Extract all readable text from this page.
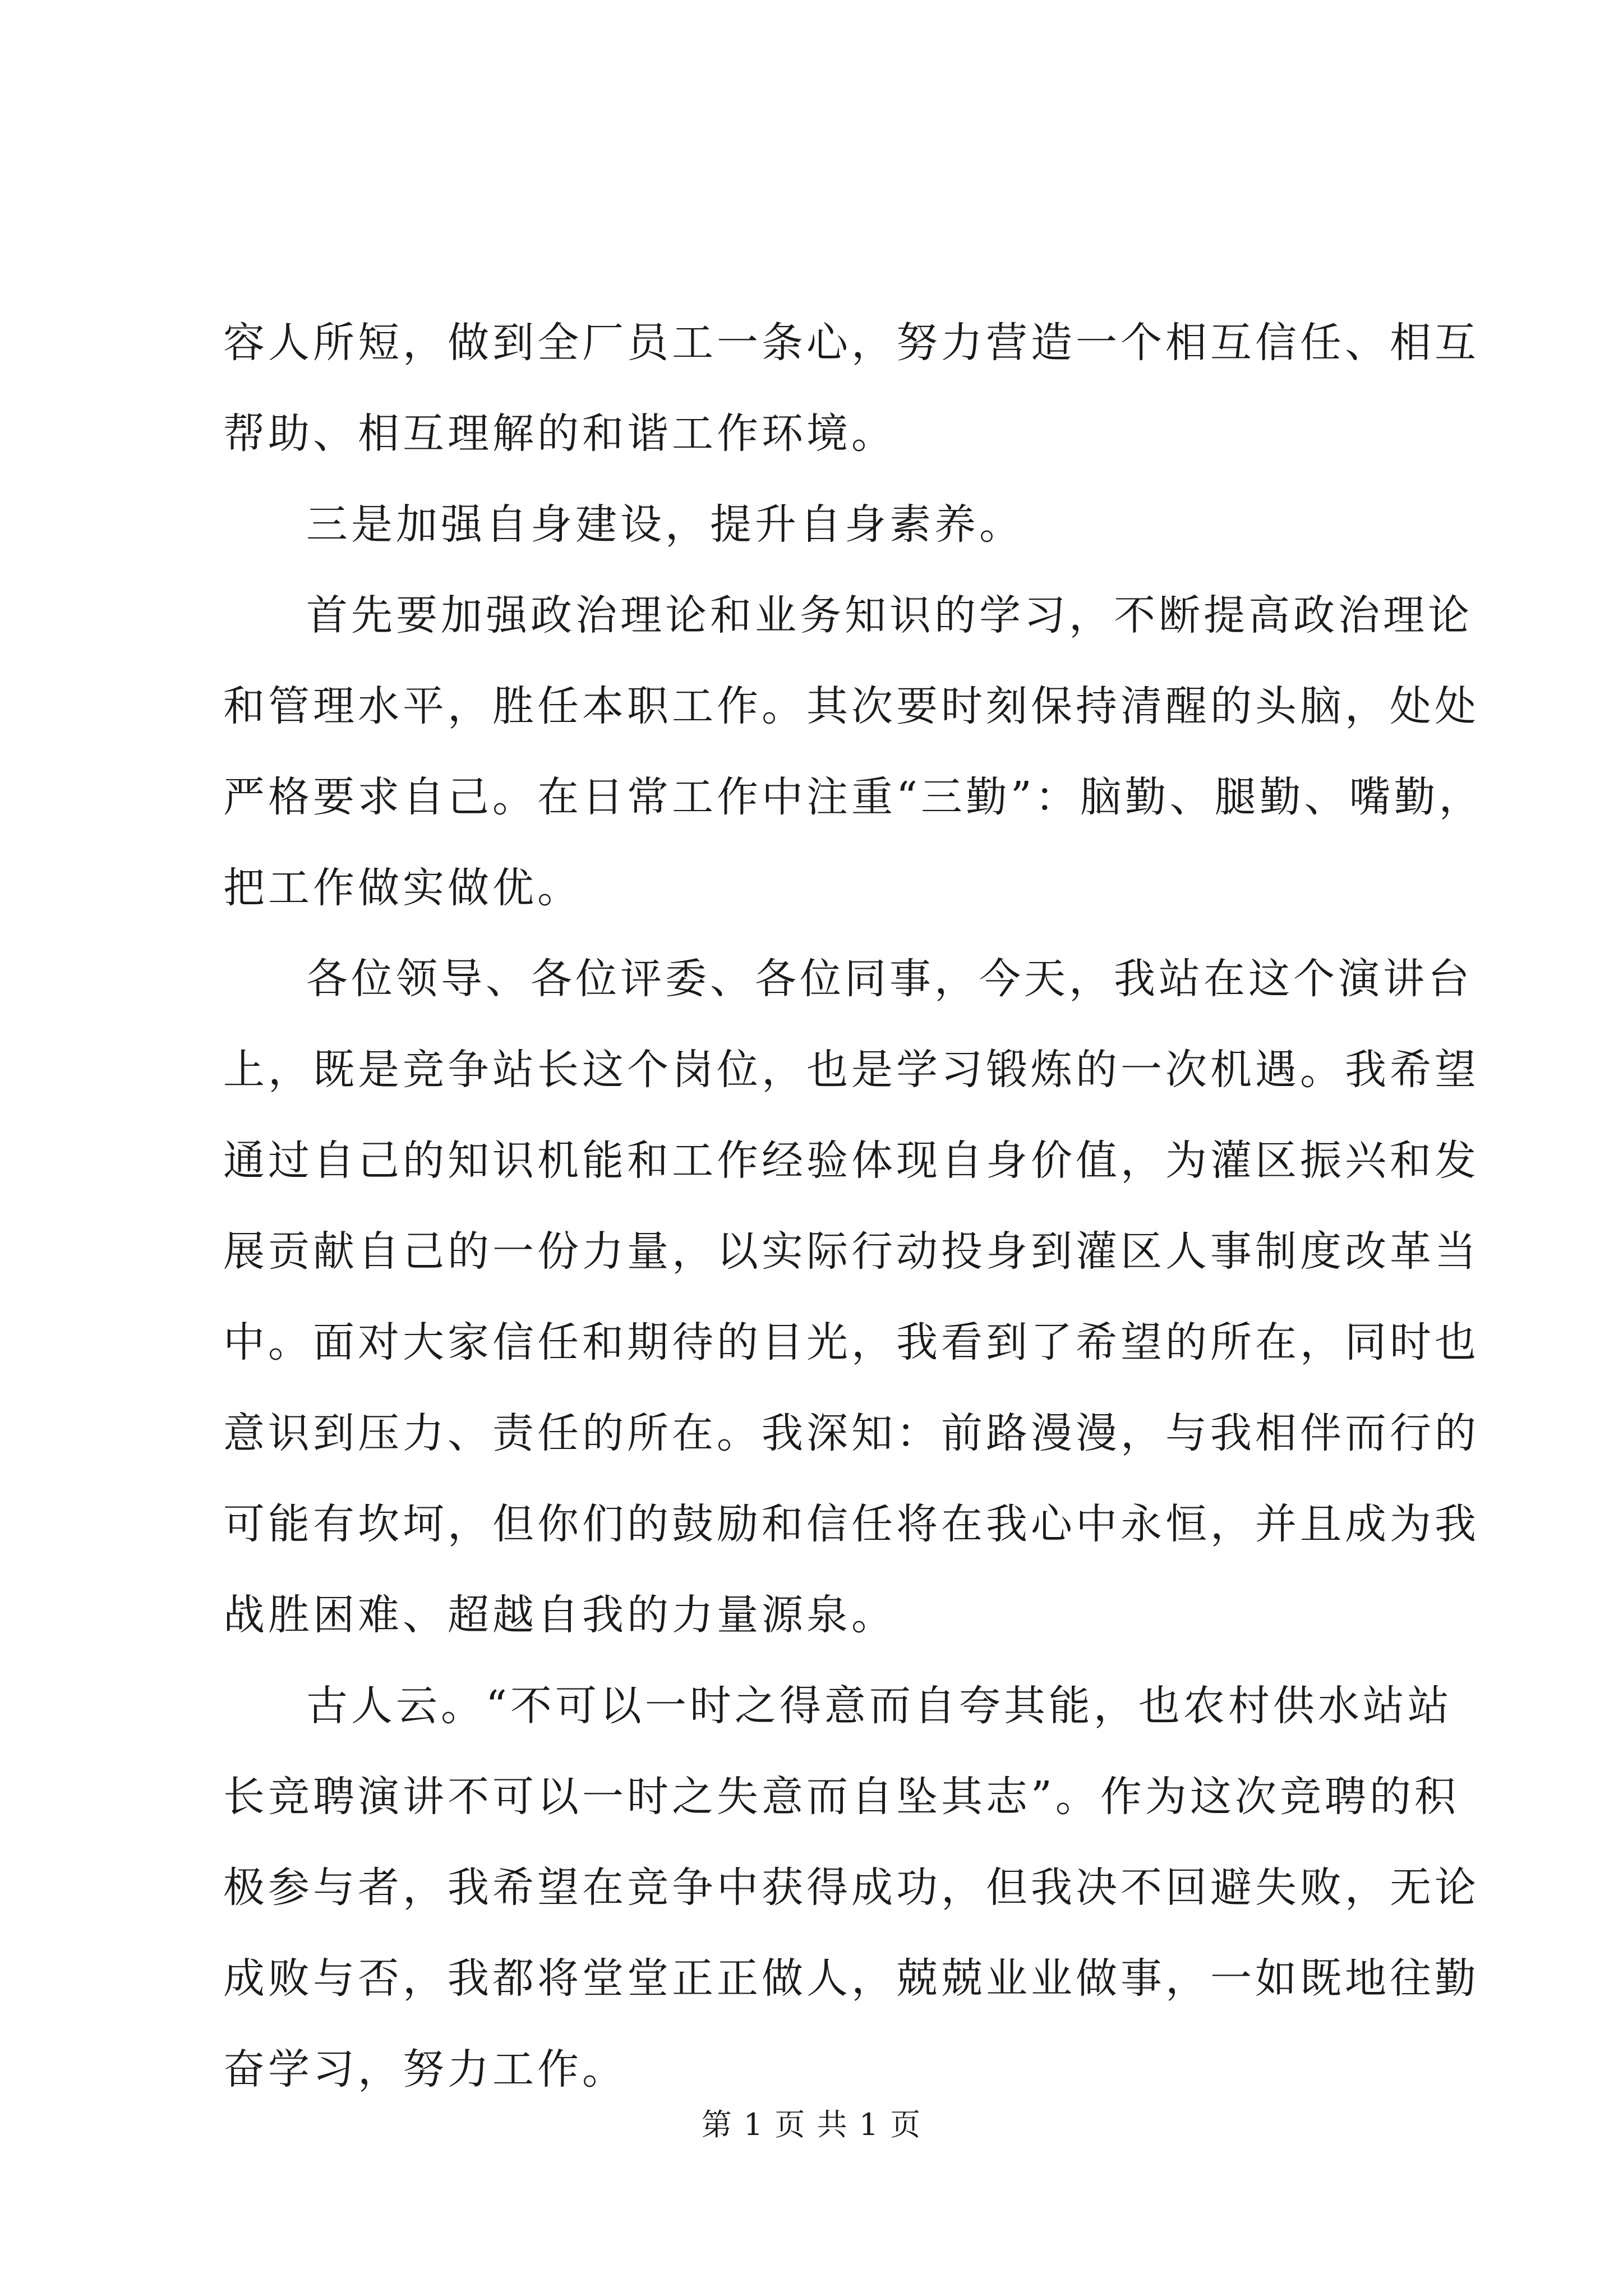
容人所短，做到全厂员工一条心，努力营造一个相互信任、相互
帮助、相互理解的和谐工作环境。
三是加强自身建设，提升自身素养。
首先要加强政治理论和业务知识的学习，不断提高政治理论
和管理水平，胜任本职工作。其次要时刻保持清醒的头脑，处处
严格要求自己。在日常工作中注重“三勤”：脑勤、腿勤、嘴勤，
把工作做实做优。
各位领导、各位评委、各位同事，今天，我站在这个演讲台
上，既是竞争站长这个岗位，也是学习锻炼的一次机遇。我希望
通过自己的知识机能和工作经验体现自身价值，为灌区振兴和发
展贡献自己的一份力量，以实际行动投身到灌区人事制度改革当
中。面对大家信任和期待的目光，我看到了希望的所在，同时也
意识到压力、责任的所在。我深知：前路漫漫，与我相伴而行的
可能有坎坷，但你们的鼓励和信任将在我心中永恒，并且成为我
战胜困难、超越自我的力量源泉。
古人云。“不可以一时之得意而自夸其能，也农村供水站站
长竞聘演讲不可以一时之失意而自坠其志”。作为这次竞聘的积
极参与者，我希望在竞争中获得成功，但我决不回避失败，无论
成败与否，我都将堂堂正正做人，兢兢业业做事，一如既地往勤
奋学习，努力工作。
第 1 页 共 1 页
